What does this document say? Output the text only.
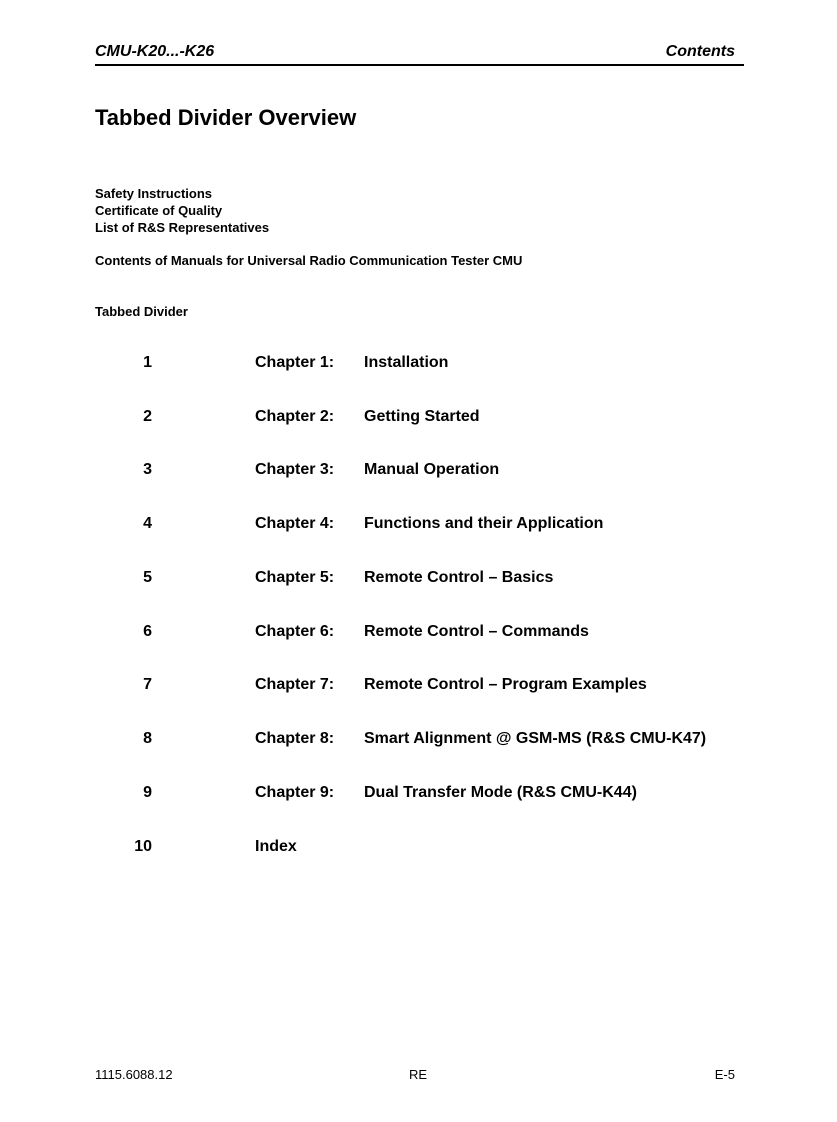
CMU-K20...-K26	Contents
Tabbed Divider Overview
Safety Instructions
Certificate of Quality
List of R&S Representatives
Contents of Manuals for Universal Radio Communication Tester CMU
Tabbed Divider
1	Chapter 1: Installation
2	Chapter 2: Getting Started
3	Chapter 3: Manual Operation
4	Chapter 4: Functions and their Application
5	Chapter 5: Remote Control – Basics
6	Chapter 6: Remote Control – Commands
7	Chapter 7: Remote Control – Program Examples
8	Chapter 8: Smart Alignment @ GSM-MS (R&S CMU-K47)
9	Chapter 9: Dual Transfer Mode (R&S CMU-K44)
10	Index
1115.6088.12	RE	E-5
